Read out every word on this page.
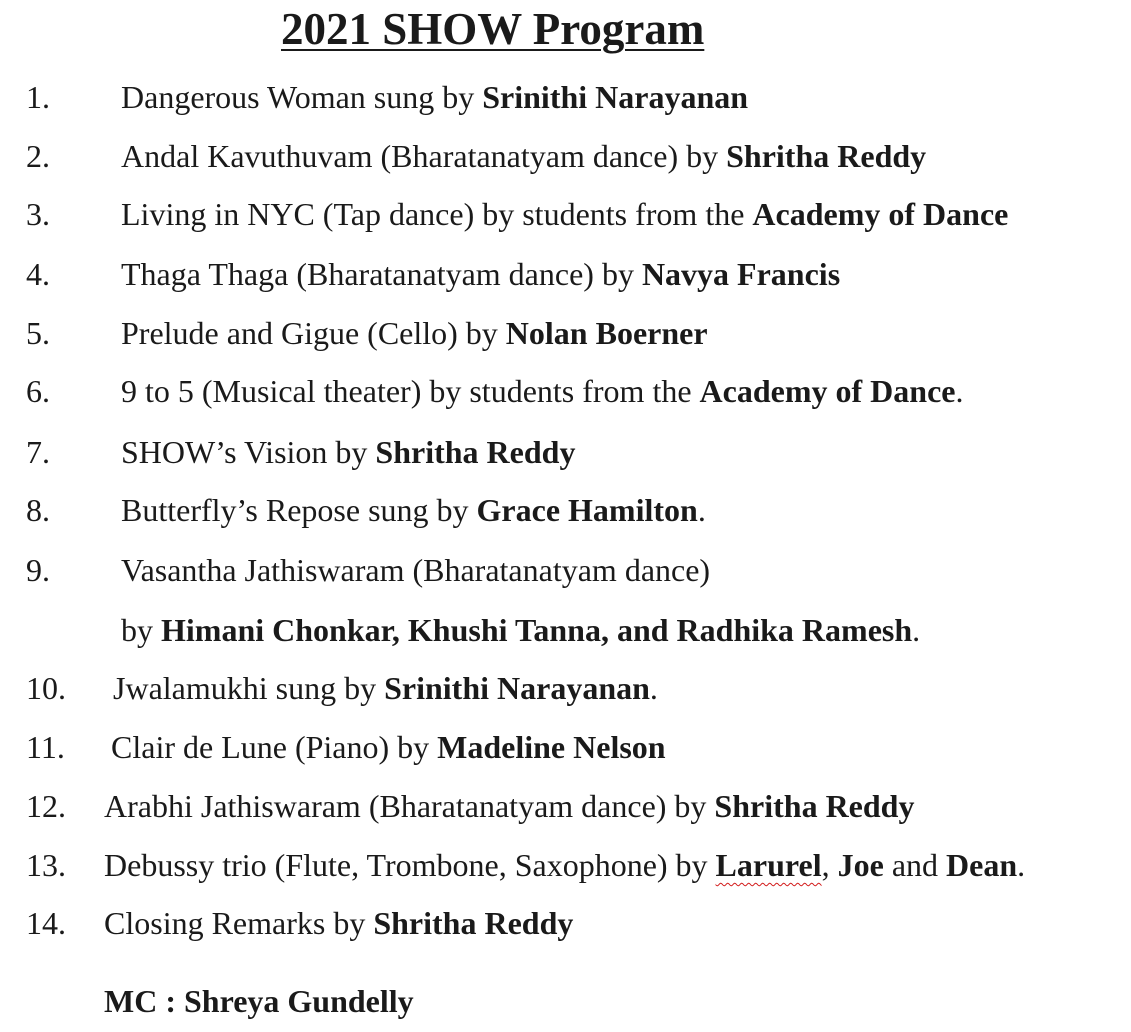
2021 SHOW Program
1. Dangerous Woman sung by Srinithi Narayanan
2. Andal Kavuthuvam (Bharatanatyam dance) by Shritha Reddy
3. Living in NYC (Tap dance) by students from the Academy of Dance
4. Thaga Thaga (Bharatanatyam dance) by Navya Francis
5. Prelude and Gigue (Cello) by Nolan Boerner
6. 9 to 5 (Musical theater) by students from the Academy of Dance.
7. SHOW’s Vision by Shritha Reddy
8. Butterfly’s Repose sung by Grace Hamilton.
9. Vasantha Jathiswaram (Bharatanatyam dance)
by Himani Chonkar, Khushi Tanna, and Radhika Ramesh.
10. Jwalamukhi sung by Srinithi Narayanan.
11. Clair de Lune (Piano) by Madeline Nelson
12. Arabhi Jathiswaram (Bharatanatyam dance) by Shritha Reddy
13. Debussy trio (Flute, Trombone, Saxophone) by Larurel, Joe and Dean.
14. Closing Remarks by Shritha Reddy
MC : Shreya Gundelly
